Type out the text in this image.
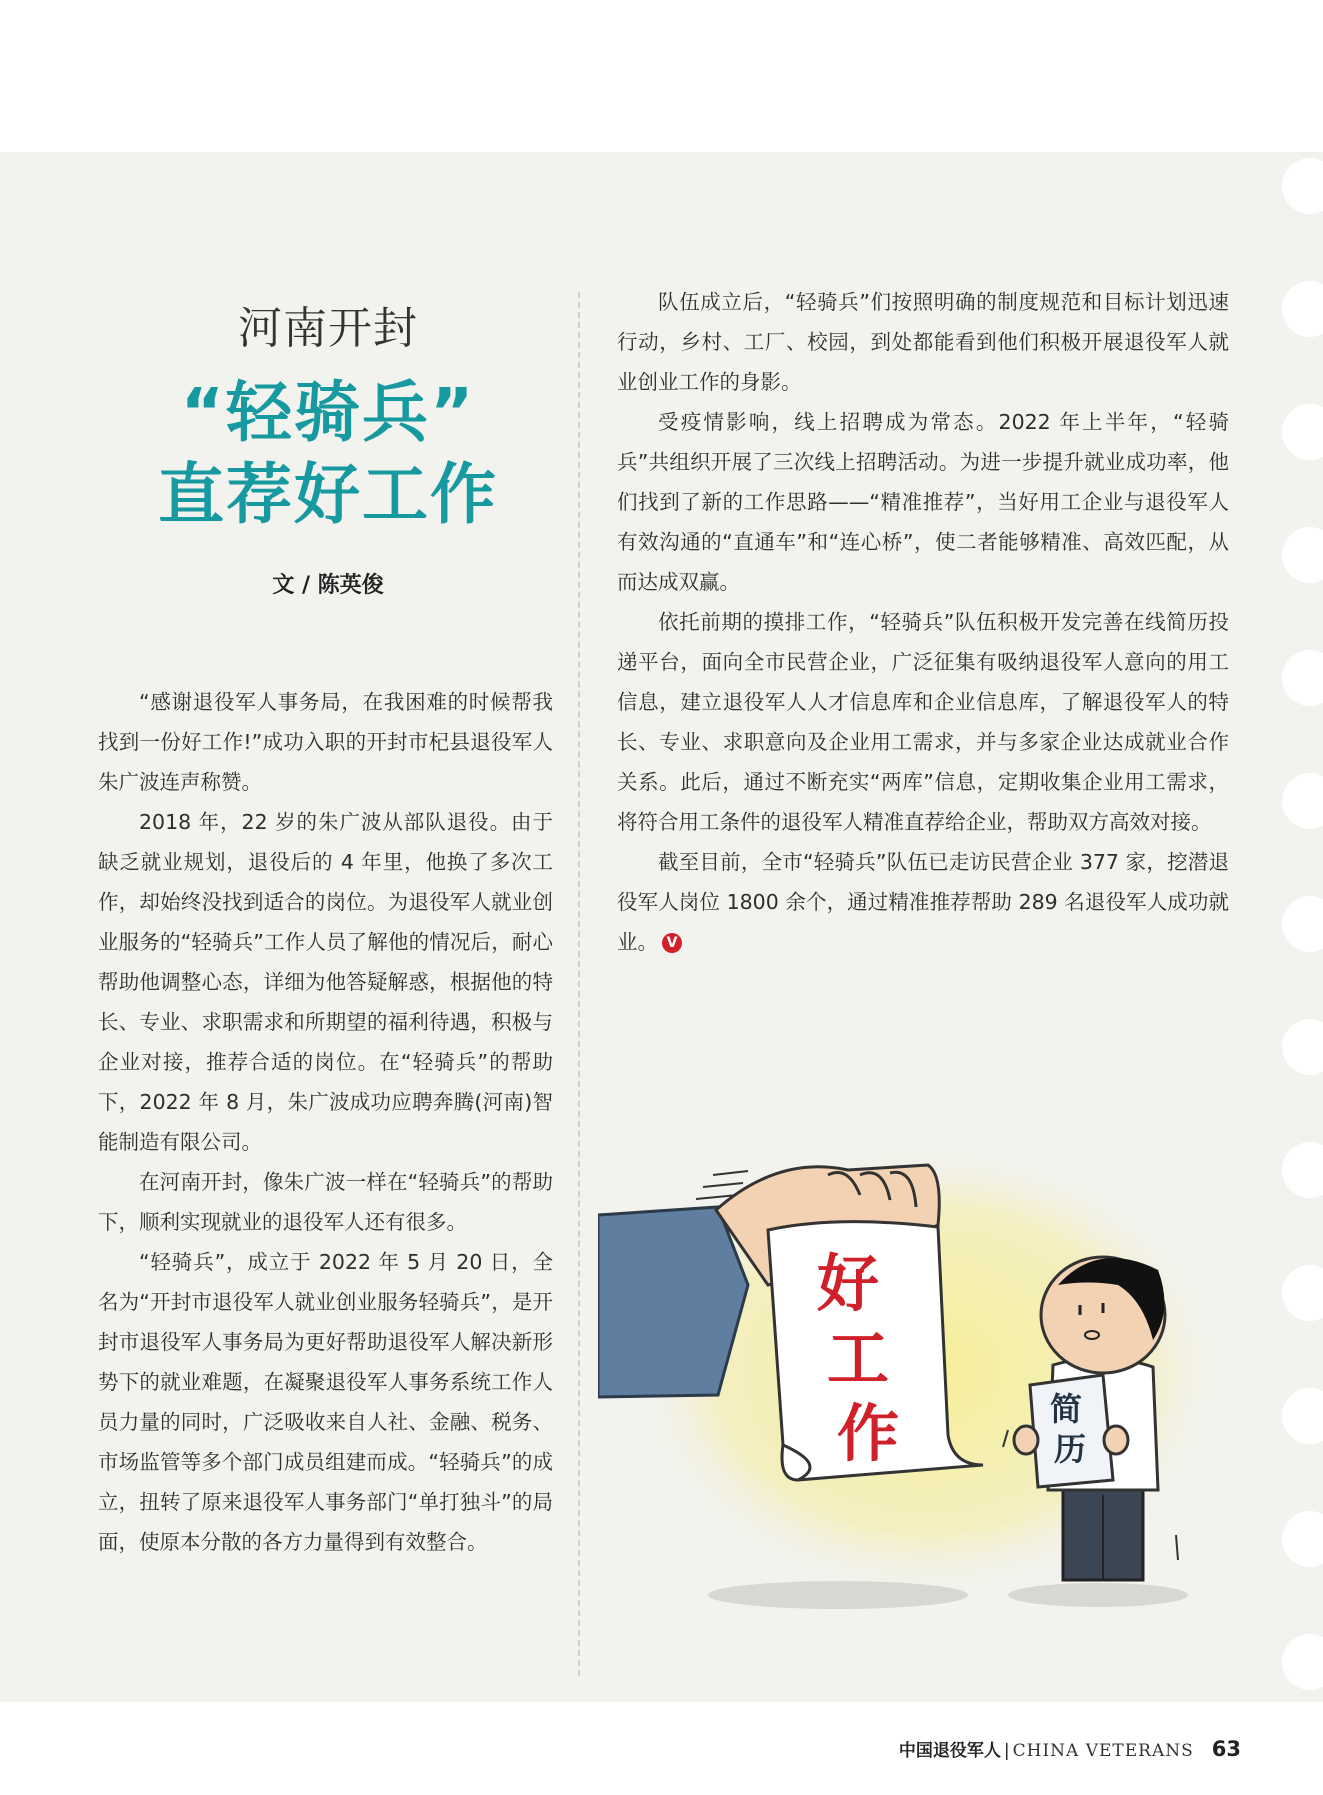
河南开封
“轻骑兵”
直荐好工作
文 / 陈英俊

“感谢退役军人事务局，在我困难的时候帮我找到一份好工作!”成功入职的开封市杞县退役军人朱广波连声称赞。

2018 年，22 岁的朱广波从部队退役。由于缺乏就业规划，退役后的 4 年里，他换了多次工作，却始终没找到适合的岗位。为退役军人就业创业服务的“轻骑兵”工作人员了解他的情况后，耐心帮助他调整心态，详细为他答疑解惑，根据他的特长、专业、求职需求和所期望的福利待遇，积极与企业对接，推荐合适的岗位。在“轻骑兵”的帮助下，2022 年 8 月，朱广波成功应聘奔腾(河南)智能制造有限公司。

在河南开封，像朱广波一样在“轻骑兵”的帮助下，顺利实现就业的退役军人还有很多。

“轻骑兵”，成立于 2022 年 5 月 20 日，全名为“开封市退役军人就业创业服务轻骑兵”，是开封市退役军人事务局为更好帮助退役军人解决新形势下的就业难题，在凝聚退役军人事务系统工作人员力量的同时，广泛吸收来自人社、金融、税务、市场监管等多个部门成员组建而成。“轻骑兵”的成立，扭转了原来退役军人事务部门“单打独斗”的局面，使原本分散的各方力量得到有效整合。

队伍成立后，“轻骑兵”们按照明确的制度规范和目标计划迅速行动，乡村、工厂、校园，到处都能看到他们积极开展退役军人就业创业工作的身影。

受疫情影响，线上招聘成为常态。2022 年上半年，“轻骑兵”共组织开展了三次线上招聘活动。为进一步提升就业成功率，他们找到了新的工作思路——“精准推荐”，当好用工企业与退役军人有效沟通的“直通车”和“连心桥”，使二者能够精准、高效匹配，从而达成双赢。

依托前期的摸排工作，“轻骑兵”队伍积极开发完善在线简历投递平台，面向全市民营企业，广泛征集有吸纳退役军人意向的用工信息，建立退役军人人才信息库和企业信息库，了解退役军人的特长、专业、求职意向及企业用工需求，并与多家企业达成就业合作关系。此后，通过不断充实“两库”信息，定期收集企业用工需求，将符合用工条件的退役军人精准直荐给企业，帮助双方高效对接。

截至目前，全市“轻骑兵”队伍已走访民营企业 377 家，挖潜退役军人岗位 1800 余个，通过精准推荐帮助 289 名退役军人成功就业。 V

好
工
作	简
历
中国退役军人 | CHINA VETERANS 63
